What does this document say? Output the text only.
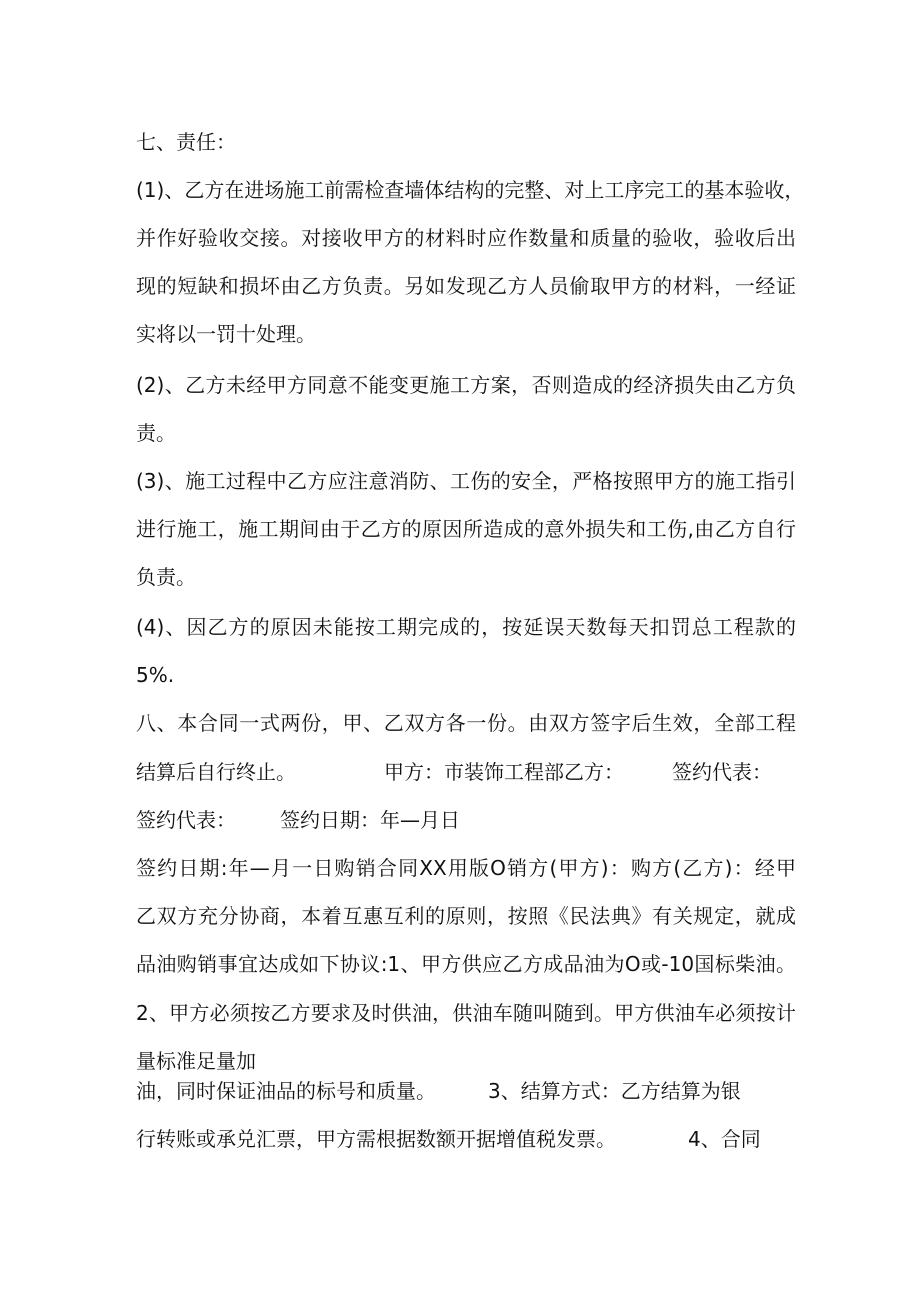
七、责任：
(1)、乙方在进场施工前需检查墙体结构的完整、对上工序完工的基本验收，
并作好验收交接。对接收甲方的材料时应作数量和质量的验收，验收后出
现的短缺和损坏由乙方负责。另如发现乙方人员偷取甲方的材料，一经证
实将以一罚十处理。
(2)、乙方未经甲方同意不能变更施工方案，否则造成的经济损失由乙方负
责。
(3)、施工过程中乙方应注意消防、工伤的安全，严格按照甲方的施工指引
进行施工，施工期间由于乙方的原因所造成的意外损失和工伤,由乙方自行
负责。
(4)、因乙方的原因未能按工期完成的，按延误天数每天扣罚总工程款的
5%.
八、本合同一式两份，甲、乙双方各一份。由双方签字后生效，全部工程
结算后自行终止。	甲方：市装饰工程部乙方： 签约代表：
签约代表： 签约日期：年—月日
签约日期:年—月一日购销合同XX用版O销方(甲方)：购方(乙方)：经甲
乙双方充分协商，本着互惠互利的原则，按照《民法典》有关规定，就成
品油购销事宜达成如下协议:1、甲方供应乙方成品油为O或-10国标柴油。
2、甲方必须按乙方要求及时供油，供油车随叫随到。甲方供油车必须按计
量标准足量加
油，同时保证油品的标号和质量。	3、结算方式：乙方结算为银
行转账或承兑汇票，甲方需根据数额开据增值税发票。	4、合同
